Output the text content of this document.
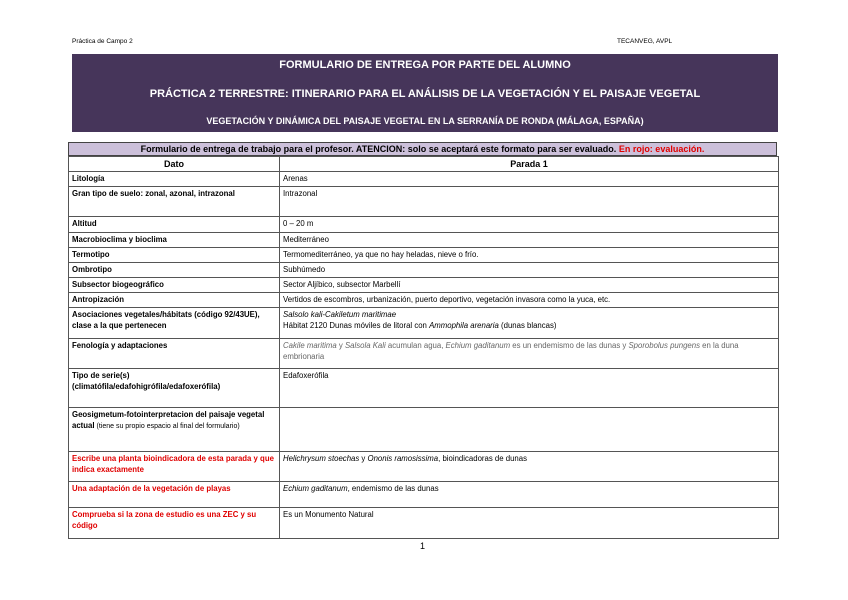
Práctica de Campo 2	TECANVEG, AVPL
FORMULARIO DE ENTREGA POR PARTE DEL ALUMNO
PRÁCTICA 2 TERRESTRE: ITINERARIO PARA EL ANÁLISIS DE LA VEGETACIÓN Y EL PAISAJE VEGETAL
VEGETACIÓN Y DINÁMICA DEL PAISAJE VEGETAL EN LA SERRANÍA DE RONDA (MÁLAGA, ESPAÑA)
Formulario de entrega de trabajo para el profesor. ATENCION: solo se aceptará este formato para ser evaluado. En rojo: evaluación.
Dato	Parada 1
Litología	Arenas
Gran tipo de suelo: zonal, azonal, intrazonal	Intrazonal
Altitud	0 – 20 m
Macrobioclima y bioclima	Mediterráneo
Termotipo	Termomediterráneo, ya que no hay heladas, nieve o frío.
Ombrotipo	Subhúmedo
Subsector biogeográfico	Sector Aljíbico, subsector Marbellí
Antropización	Vertidos de escombros, urbanización, puerto deportivo, vegetación invasora como la yuca, etc.
Asociaciones vegetales/hábitats (código 92/43UE), clase a la que pertenecen	Salsolo kali-Cakiletum maritimae
Hábitat 2120 Dunas móviles de litoral con Ammophila arenaria (dunas blancas)

Fenología y adaptaciones	Cakile maritima y Salsola Kali acumulan agua, Echium gaditanum es un endemismo de las dunas y Sporobolus pungens en la duna embrionaria
Tipo de serie(s) (climatófila/edafohigrófila/edafoxerófila)	Edafoxerófila
Geosigmetum-fotointerpretacion del paisaje vegetal actual (tiene su propio espacio al final del formulario)	
Escribe una planta bioindicadora de esta parada y que indica exactamente	Helichrysum stoechas y Ononis ramosissima, bioindicadoras de dunas
Una adaptación de la vegetación de playas	Echium gaditanum, endemismo de las dunas
Comprueba si la zona de estudio es una ZEC y su código	Es un Monumento Natural
1
